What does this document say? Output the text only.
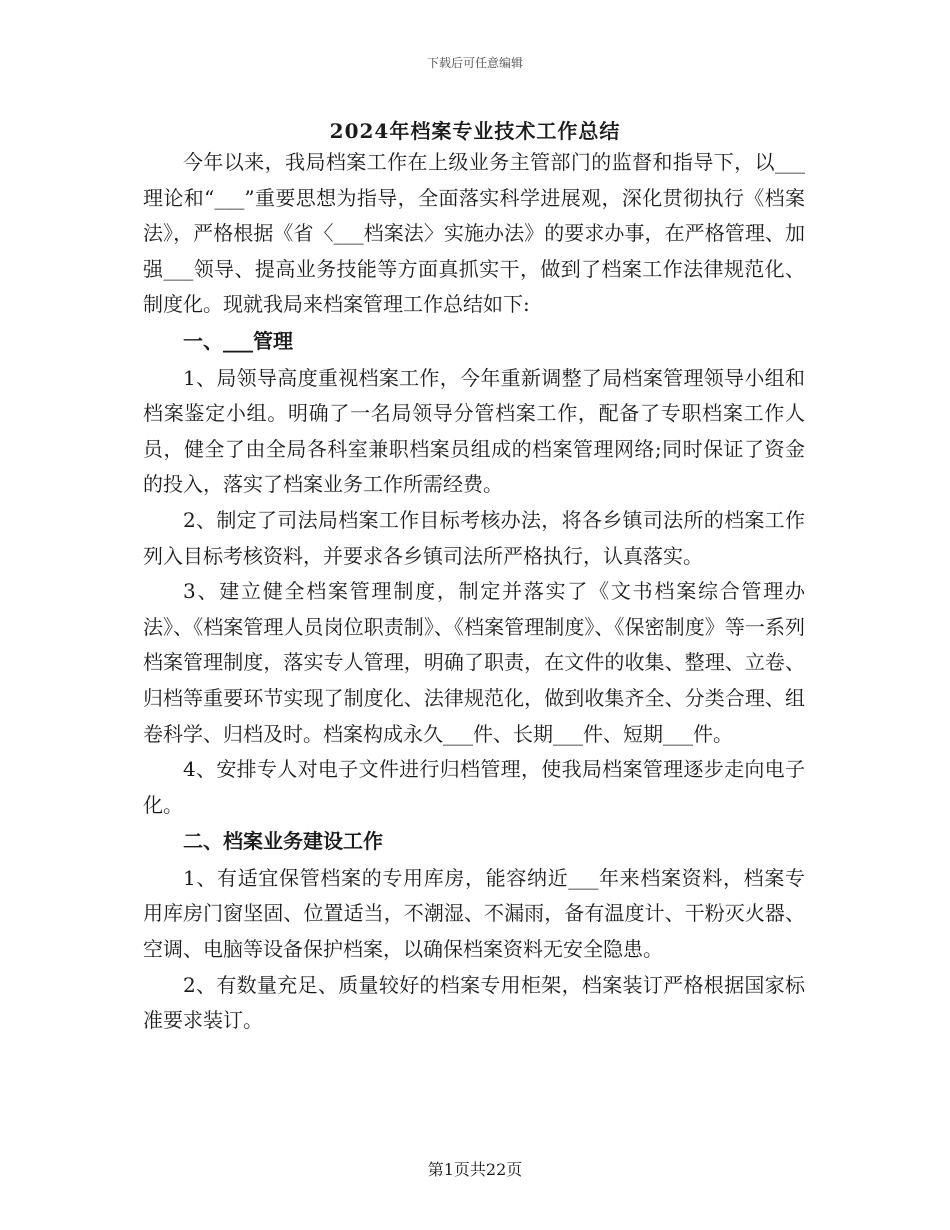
下载后可任意编辑
2024年档案专业技术工作总结

今年以来，我局档案工作在上级业务主管部门的监督和指导下，以___理论和“___”重要思想为指导，全面落实科学进展观，深化贯彻执行《档案法》，严格根据《省〈___档案法〉实施办法》的要求办事，在严格管理、加强___领导、提高业务技能等方面真抓实干，做到了档案工作法律规范化、制度化。现就我局来档案管理工作总结如下:

一、___管理

1、局领导高度重视档案工作，今年重新调整了局档案管理领导小组和档案鉴定小组。明确了一名局领导分管档案工作，配备了专职档案工作人员，健全了由全局各科室兼职档案员组成的档案管理网络;同时保证了资金的投入，落实了档案业务工作所需经费。

2、制定了司法局档案工作目标考核办法，将各乡镇司法所的档案工作列入目标考核资料，并要求各乡镇司法所严格执行，认真落实。

3、建立健全档案管理制度，制定并落实了《文书档案综合管理办法》、《档案管理人员岗位职责制》、《档案管理制度》、《保密制度》等一系列档案管理制度，落实专人管理，明确了职责，在文件的收集、整理、立卷、归档等重要环节实现了制度化、法律规范化，做到收集齐全、分类合理、组卷科学、归档及时。档案构成永久___件、长期___件、短期___件。

4、安排专人对电子文件进行归档管理，使我局档案管理逐步走向电子化。

二、档案业务建设工作

1、有适宜保管档案的专用库房，能容纳近___年来档案资料，档案专用库房门窗坚固、位置适当，不潮湿、不漏雨，备有温度计、干粉灭火器、空调、电脑等设备保护档案，以确保档案资料无安全隐患。

2、有数量充足、质量较好的档案专用柜架，档案装订严格根据国家标准要求装订。

第1页共22页
